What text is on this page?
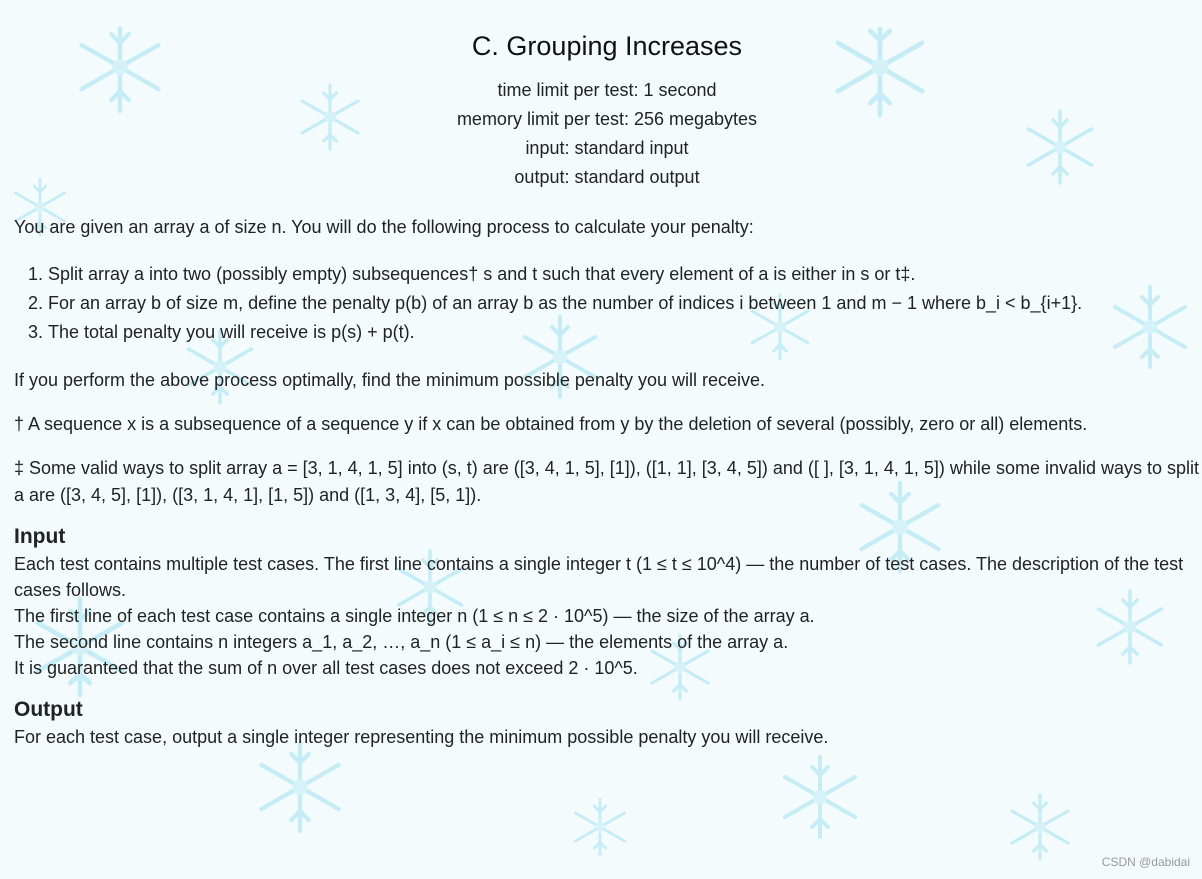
C. Grouping Increases
time limit per test: 1 second
memory limit per test: 256 megabytes
input: standard input
output: standard output

You are given an array a of size n. You will do the following process to calculate your penalty:

1. Split array a into two (possibly empty) subsequences† s and t such that every element of a is either in s or t‡.
2. For an array b of size m, define the penalty p(b) of an array b as the number of indices i between 1 and m − 1 where b_i < b_{i+1}.
3. The total penalty you will receive is p(s) + p(t).

If you perform the above process optimally, find the minimum possible penalty you will receive.

† A sequence x is a subsequence of a sequence y if x can be obtained from y by the deletion of several (possibly, zero or all) elements.

‡ Some valid ways to split array a = [3, 1, 4, 1, 5] into (s, t) are ([3, 4, 1, 5], [1]), ([1, 1], [3, 4, 5]) and ([ ], [3, 1, 4, 1, 5]) while some invalid ways to split a are ([3, 4, 5], [1]), ([3, 1, 4, 1], [1, 5]) and ([1, 3, 4], [5, 1]).

Input

Each test contains multiple test cases. The first line contains a single integer t (1 ≤ t ≤ 10^4) — the number of test cases. The description of the test cases follows.

The first line of each test case contains a single integer n (1 ≤ n ≤ 2 · 10^5) — the size of the array a.

The second line contains n integers a_1, a_2, …, a_n (1 ≤ a_i ≤ n) — the elements of the array a.

It is guaranteed that the sum of n over all test cases does not exceed 2 · 10^5.

Output

For each test case, output a single integer representing the minimum possible penalty you will receive.

CSDN @dabidai
